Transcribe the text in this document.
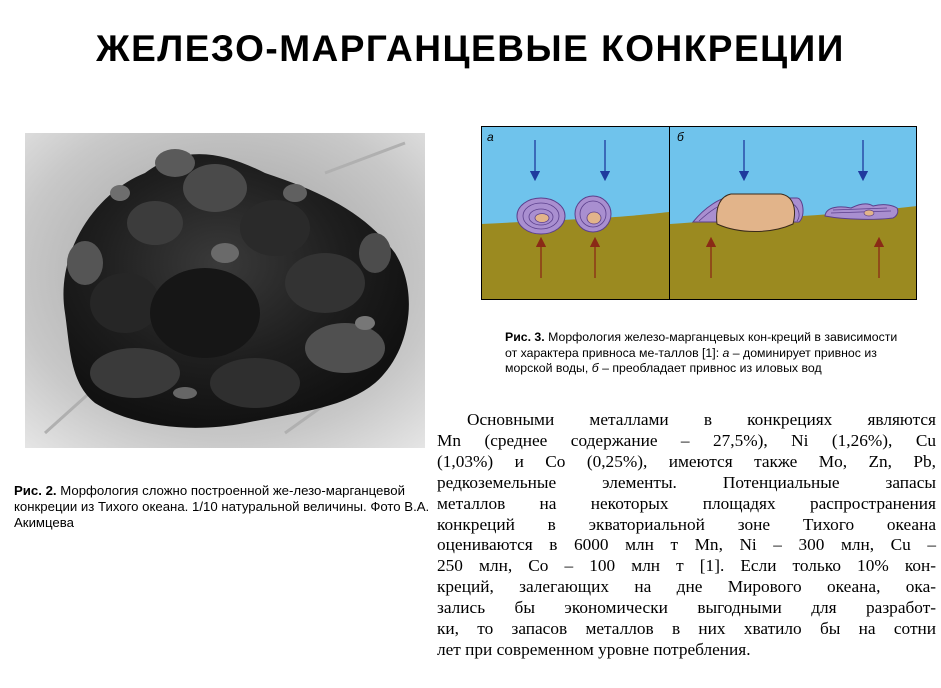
ЖЕЛЕЗО-МАРГАНЦЕВЫЕ КОНКРЕЦИИ
Рис. 2. Морфология сложно построенной же-лезо-марганцевой конкреции из Тихого океана. 1/10 натуральной величины. Фото В.А. Акимцева
а	б
Рис. 3. Морфология железо-марганцевых кон-креций в зависимости от характера привноса ме-таллов [1]: а – доминирует привнос из морской воды, б – преобладает привнос из иловых вод
Основными металлами в конкрециях являются
Mn (среднее содержание – 27,5%), Ni (1,26%), Cu
(1,03%) и Co (0,25%), имеются также Mo, Zn, Pb,
редкоземельные элементы. Потенциальные запасы
металлов на некоторых площадях распространения
конкреций в экваториальной зоне Тихого океана
оцениваются в 6000 млн т Mn, Ni – 300 млн, Cu –
250 млн, Co – 100 млн т [1]. Если только 10% кон-
креций, залегающих на дне Мирового океана, ока-
зались бы экономически выгодными для разработ-
ки, то запасов металлов в них хватило бы на сотни
лет при современном уровне потребления.
